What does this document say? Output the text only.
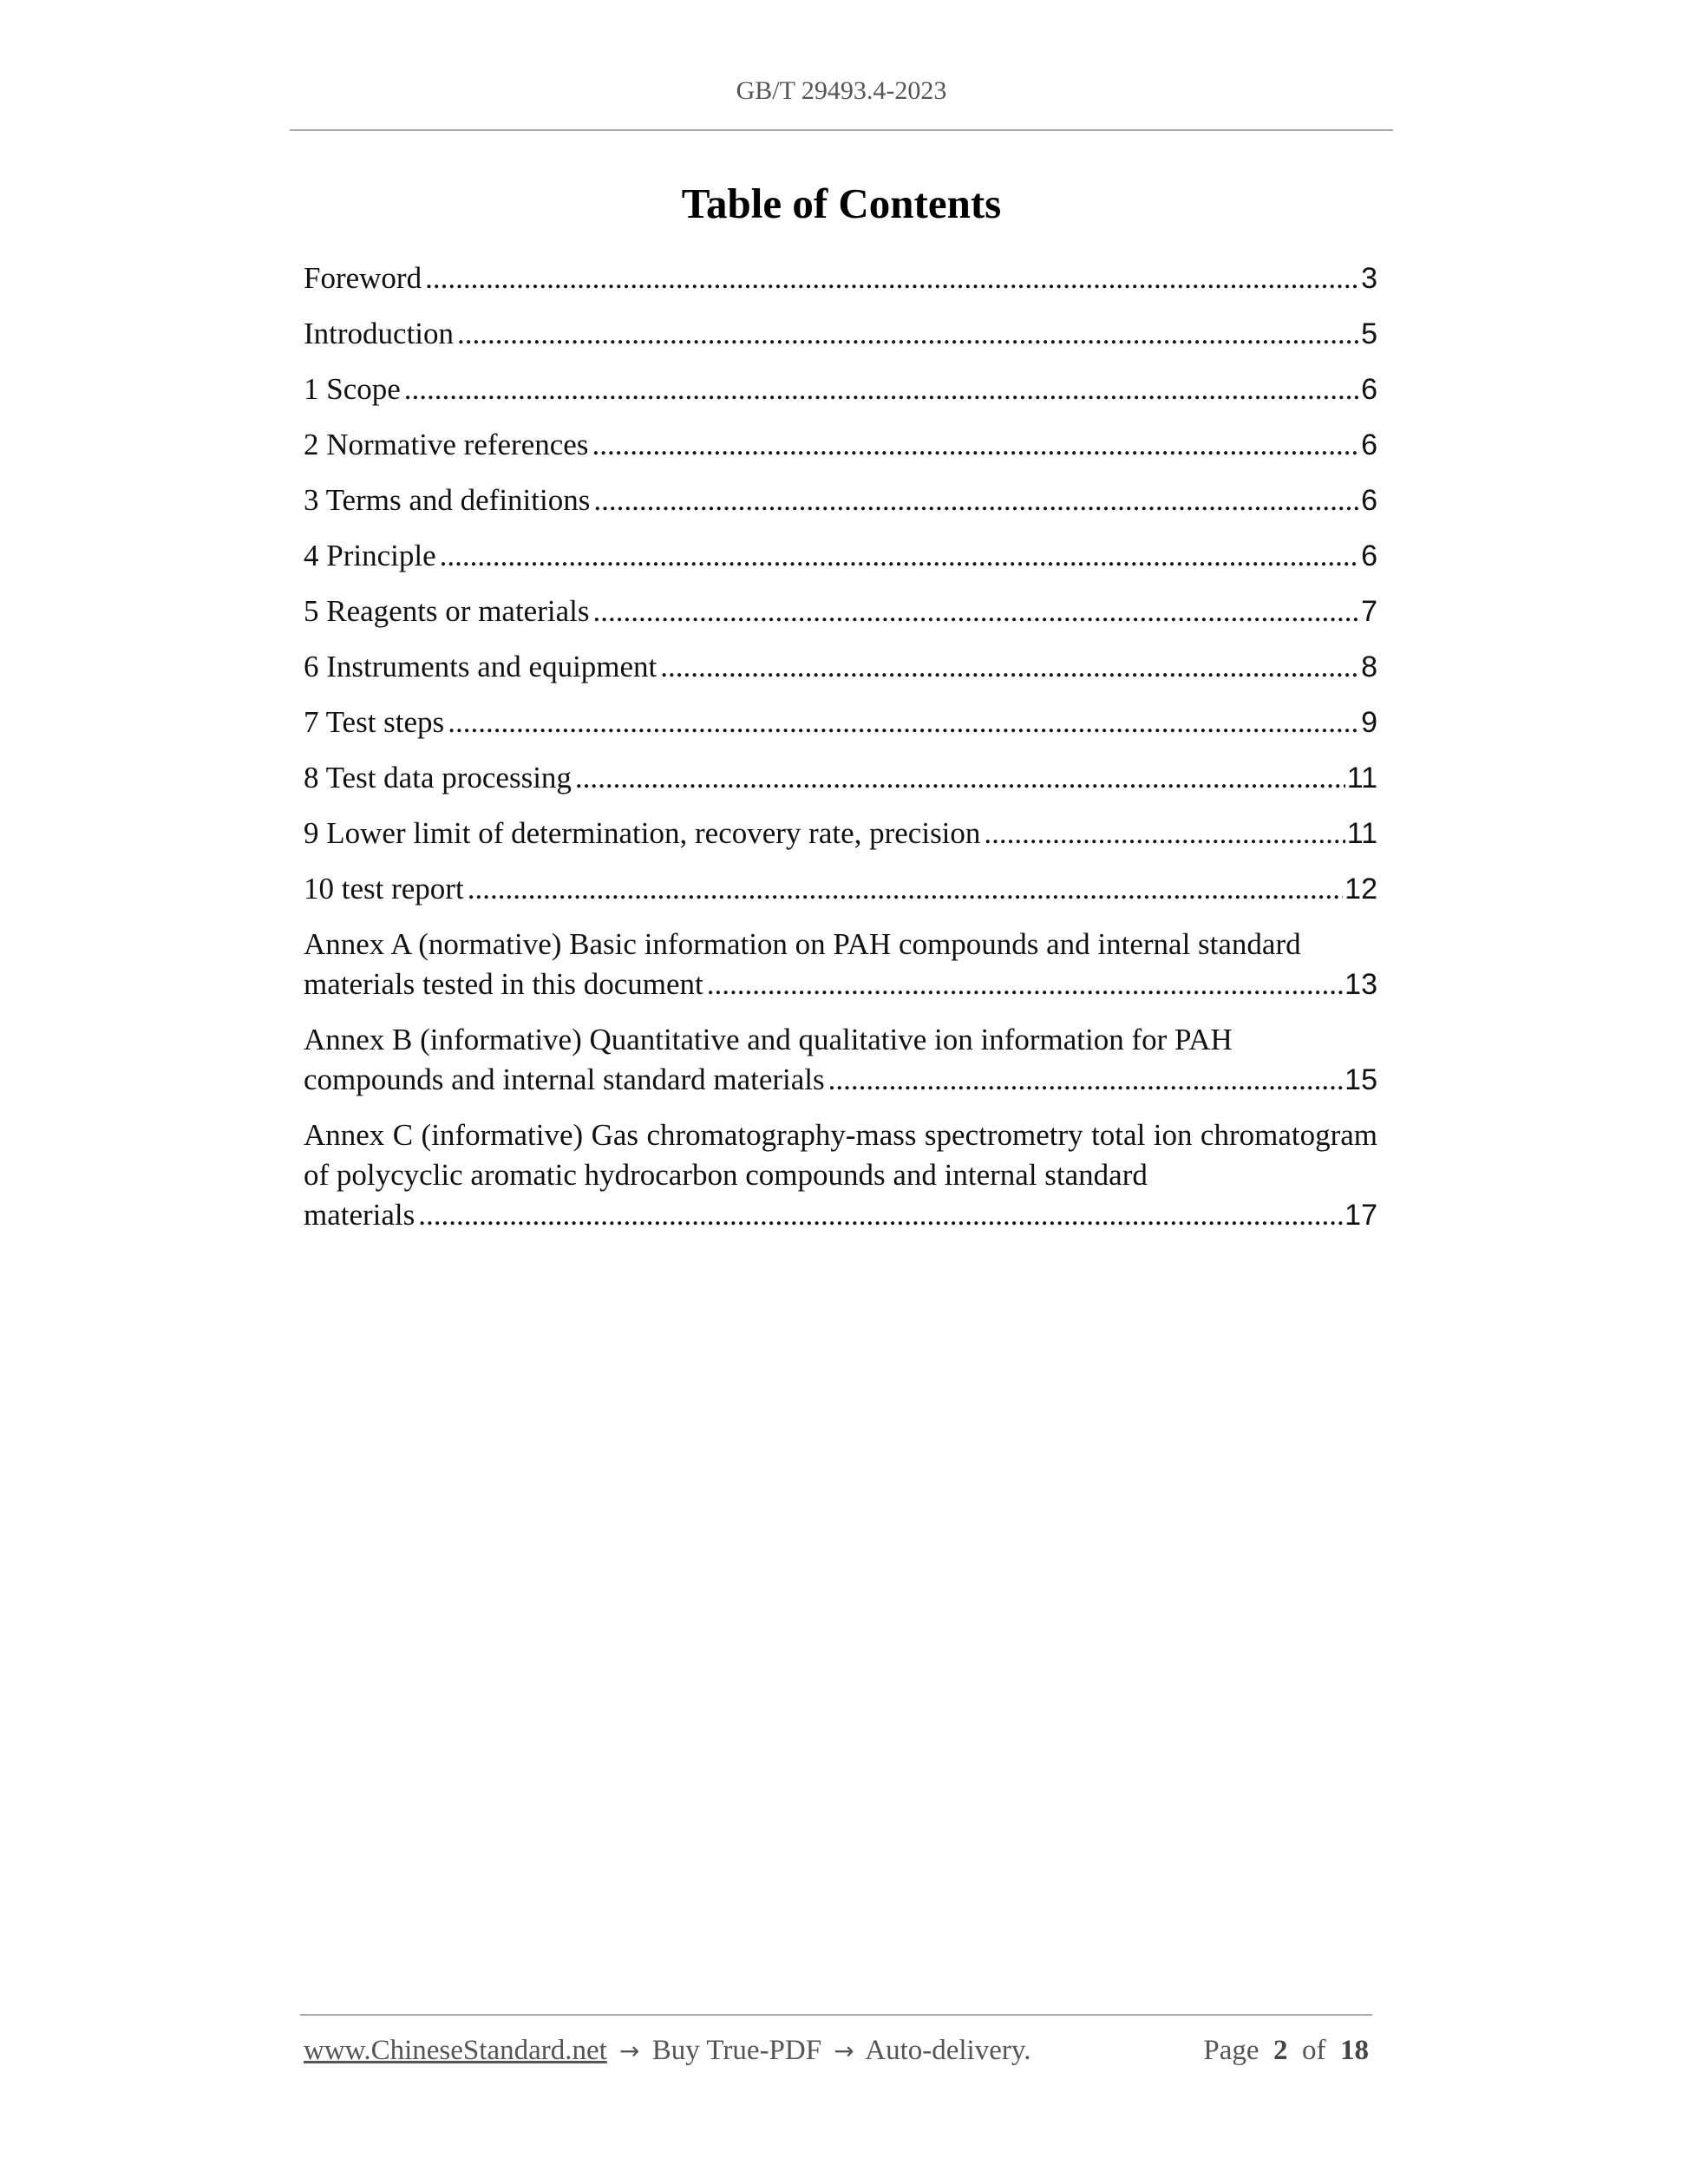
GB/T 29493.4-2023
Table of Contents
Foreword .....	3
Introduction .....	5
1 Scope .....	6
2 Normative references .....	6
3 Terms and definitions .....	6
4 Principle .....	6
5 Reagents or materials .....	7
6 Instruments and equipment .....	8
7 Test steps .....	9
8 Test data processing .....	11
9 Lower limit of determination, recovery rate, precision .....	11
10 test report .....	12
Annex A (normative) Basic information on PAH compounds and internal standard
materials tested in this document .....	13
Annex B (informative) Quantitative and qualitative ion information for PAH
compounds and internal standard materials .....	15
Annex C (informative) Gas chromatography-mass spectrometry total ion chromatogram of polycyclic aromatic hydrocarbon compounds and internal standard
materials .....	17
www.ChineseStandard.net → Buy True-PDF → Auto-delivery.	Page 2 of 18
